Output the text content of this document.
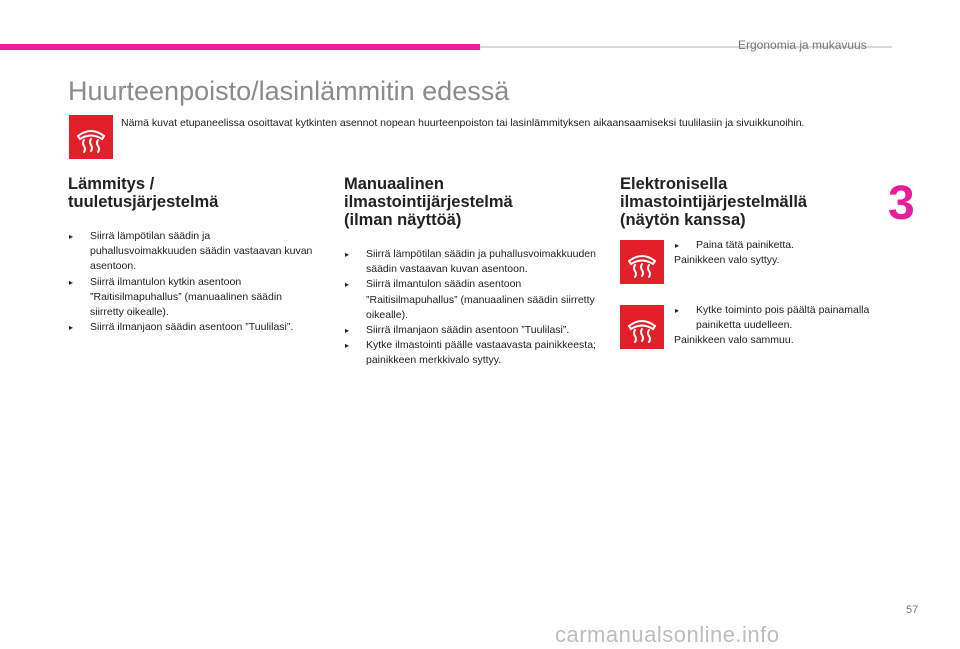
Ergonomia ja mukavuus
3
Huurteenpoisto/lasinlämmitin edessä

Nämä kuvat etupaneelissa osoittavat kytkinten asennot nopean huurteenpoiston tai lasinlämmityksen aikaansaamiseksi tuulilasiin ja sivuikkunoihin.

Lämmitys /
tuuletusjärjestelmä
▸ Siirrä lämpötilan säädin ja puhallusvoimakkuuden säädin vastaavan kuvan asentoon.
▸ Siirrä ilmantulon kytkin asentoon ”Raitisilmapuhallus” (manuaalinen säädin siirretty oikealle).
▸ Siirrä ilmanjaon säädin asentoon ”Tuulilasi”.
Manuaalinen
ilmastointijärjestelmä
(ilman näyttöä)
▸ Siirrä lämpötilan säädin ja puhallusvoimakkuuden säädin vastaavan kuvan asentoon.
▸ Siirrä ilmantulon säädin asentoon ”Raitisilmapuhallus” (manuaalinen säädin siirretty oikealle).
▸ Siirrä ilmanjaon säädin asentoon ”Tuulilasi”.
▸ Kytke ilmastointi päälle vastaavasta painikkeesta; painikkeen merkkivalo syttyy.
Elektronisella
ilmastointijärjestelmällä
(näytön kanssa)
▸ Paina tätä painiketta.

Painikkeen valo syttyy.

▸ Kytke toiminto pois päältä painamalla painiketta uudelleen.

Painikkeen valo sammuu.

57
carmanualsonline.info
